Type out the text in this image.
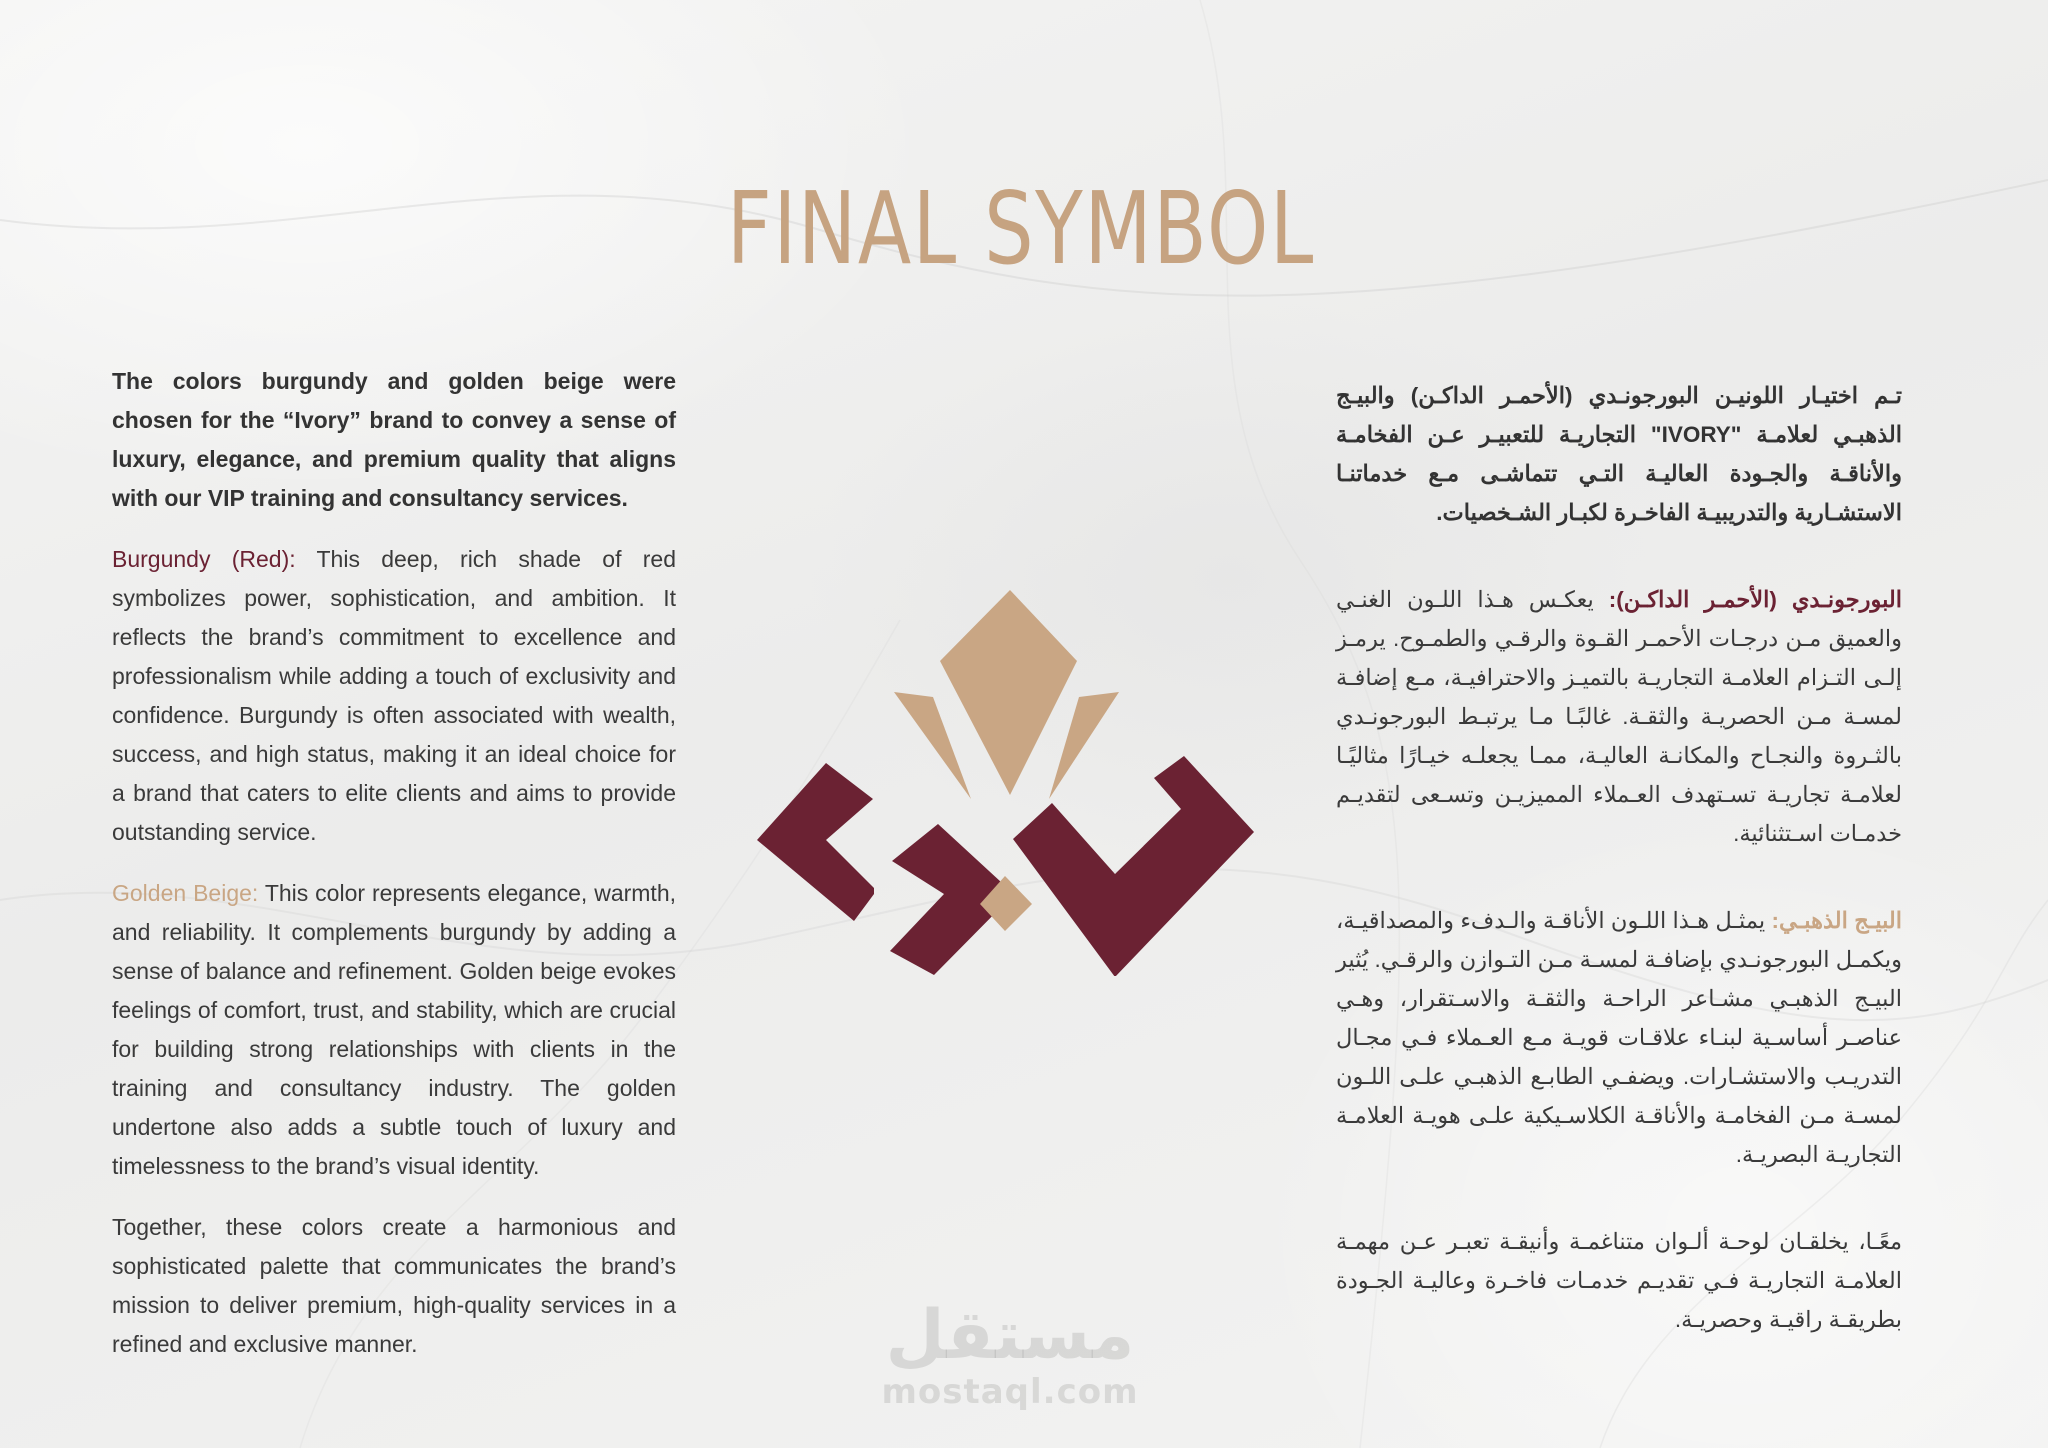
FINAL SYMBOL

The colors burgundy and golden beige were chosen for the “Ivory” brand to convey a sense of luxury, elegance, and premium quality that aligns with our VIP training and consultancy services.

Burgundy (Red): This deep, rich shade of red symbolizes power, sophistication, and ambition. It reflects the brand’s commitment to excellence and professionalism while adding a touch of exclusivity and confidence. Burgundy is often associated with wealth, success, and high status, making it an ideal choice for a brand that caters to elite clients and aims to provide outstanding service.

Golden Beige: This color represents elegance, warmth, and reliability. It complements burgundy by adding a sense of balance and refinement. Golden beige evokes feelings of comfort, trust, and stability, which are crucial for building strong relationships with clients in the training and consultancy industry. The golden undertone also adds a subtle touch of luxury and timelessness to the brand’s visual identity.

Together, these colors create a harmonious and sophisticated palette that communicates the brand’s mission to deliver premium, high-quality services in a refined and exclusive manner.

تـم اختيـار اللونيـن البورجونـدي (الأحمـر الداكـن) والبيـج الذهبـي لعلامـة "IVORY" التجاريـة للتعبيـر عـن الفخامـة والأناقـة والجـودة العاليـة التـي تتماشـى مـع خدماتنـا الاستشـارية والتدريبيـة الفاخـرة لكبـار الشـخصيات.

البورجونـدي (الأحمـر الداكـن): يعكـس هـذا اللـون الغنـي والعميق مـن درجـات الأحمـر القـوة والرقـي والطمـوح. يرمـز إلـى التـزام العلامـة التجاريـة بالتميـز والاحترافيـة، مـع إضافـة لمسـة مـن الحصريـة والثقـة. غالبًـا مـا يرتبـط البورجونـدي بالثـروة والنجـاح والمكانـة العاليـة، ممـا يجعلـه خيـارًا مثاليًـا لعلامـة تجاريـة تسـتهدف العـملاء المميزيـن وتسـعى لتقديـم خدمـات اسـتثنائية.

البيـج الذهبـي: يمثـل هـذا اللـون الأناقـة والـدفء والمصداقيـة، ويكمـل البورجونـدي بإضافـة لمسـة مـن التـوازن والرقـي. يُثير البيـج الذهبـي مشـاعر الراحـة والثقـة والاسـتقرار، وهـي عناصـر أساسـية لبنـاء علاقـات قويـة مـع العـملاء فـي مجـال التدريـب والاستشـارات. ويضفـي الطابـع الذهبـي علـى اللـون لمسـة مـن الفخامـة والأناقـة الكلاسـيكية علـى هويـة العلامـة التجاريـة البصريـة.

معًـا، يخلقـان لوحـة ألـوان متناغمـة وأنيقـة تعبـر عـن مهمـة العلامـة التجاريـة فـي تقديـم خدمـات فاخـرة وعاليـة الجـودة بطريقـة راقيـة وحصريـة.

مستقل
mostaql.com
